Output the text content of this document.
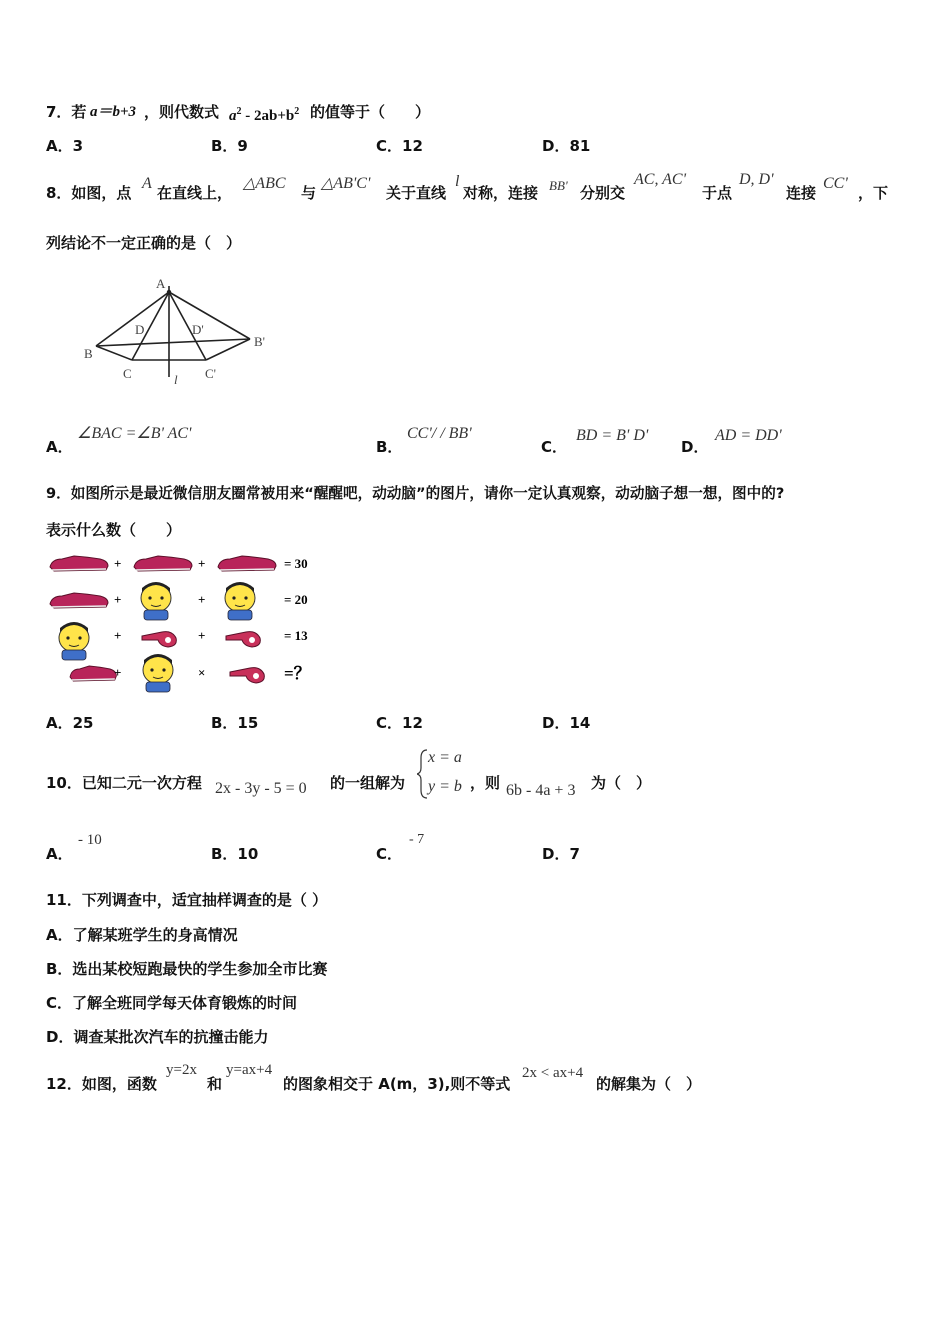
7．若 a＝b+3 ，则代数式 $a^2 - 2ab+b^2$ 的值等于（　　）
A．3	B．9	C．12	D．81
8．如图，点
A
在直线上，
△ABC
与
△AB'C'
关于直线
l
对称，连接 BB' 分别交
AC, AC'
于点
D, D'
连接
CC'
，下
列结论不一定正确的是（　）
A
B
B'
C	C'
D	D'
l
A．
∠BAC =∠B' AC'
B．
CC'/ / BB'
C．
BD = B' D'
D．
AD = DD'
9．如图所示是最近微信朋友圈常被用来“醒醒吧，动动脑”的图片，请你一定认真观察，动动脑子想一想，图中的?
表示什么数（　　）
+	+	= 30
+	+	= 20
+	+	= 13
+	×	=？
A．25	B．15	C．12	D．14
10．已知二元一次方程 2x - 3y - 5 = 0 的一组解为
x = a
y = b ，则 6b - 4a + 3 为（　）
A．
- 10
B．10	C．
- 7
D．7
11．下列调查中，适宜抽样调查的是（ ）
A．了解某班学生的身高情况
B．选出某校短跑最快的学生参加全市比赛
C．了解全班同学每天体育锻炼的时间
D．调查某批次汽车的抗撞击能力
12．如图，函数
y=2x
和
y=ax+4
的图象相交于 A(m，3),则不等式
2x < ax+4
的解集为（　）
